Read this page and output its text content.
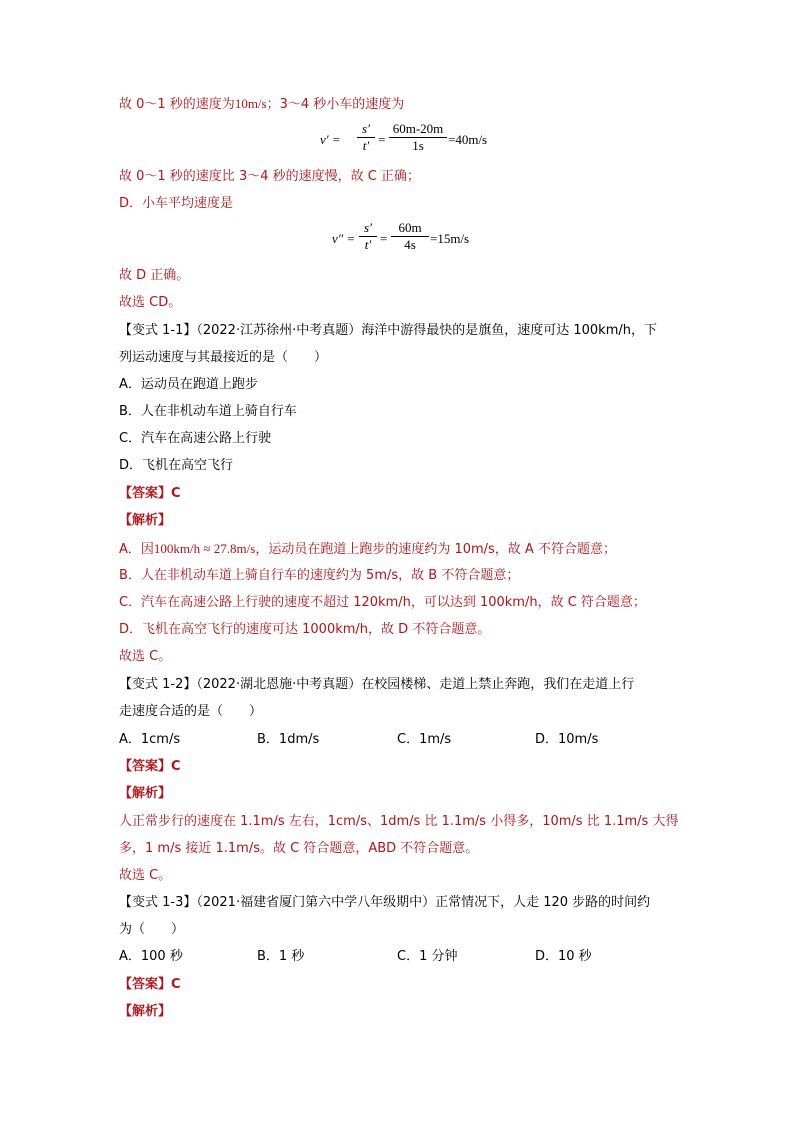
故 0～1 秒的速度为10m/s；3～4 秒小车的速度为
v′ =
s′
t′ =
60m-20m
1s	=40m/s
故 0～1 秒的速度比 3～4 秒的速度慢，故 C 正确；
D．小车平均速度是
v″ =
s′
t′ =
60m
4s	=15m/s
故 D 正确。
故选 CD。
【变式 1-1】（2022·江苏徐州·中考真题）海洋中游得最快的是旗鱼，速度可达 100km/h，下
列运动速度与其最接近的是（　　）
A．运动员在跑道上跑步
B．人在非机动车道上骑自行车
C．汽车在高速公路上行驶
D．飞机在高空飞行
【答案】C
【解析】
A．因100km/h ≈ 27.8m/s，运动员在跑道上跑步的速度约为 10m/s，故 A 不符合题意；
B．人在非机动车道上骑自行车的速度约为 5m/s，故 B 不符合题意；
C．汽车在高速公路上行驶的速度不超过 120km/h，可以达到 100km/h，故 C 符合题意；
D．飞机在高空飞行的速度可达 1000km/h，故 D 不符合题意。
故选 C。
【变式 1-2】（2022·湖北恩施·中考真题）在校园楼梯、走道上禁止奔跑，我们在走道上行
走速度合适的是（　　）
A．1cm/s	B．1dm/s	C．1m/s	D．10m/s
【答案】C
【解析】
人正常步行的速度在 1.1m/s 左右，1cm/s、1dm/s 比 1.1m/s 小得多，10m/s 比 1.1m/s 大得
多，1 m/s 接近 1.1m/s。故 C 符合题意，ABD 不符合题意。
故选 C。
【变式 1-3】（2021·福建省厦门第六中学八年级期中）正常情况下，人走 120 步路的时间约
为（　　）
A．100 秒	B．1 秒	C．1 分钟	D．10 秒
【答案】C
【解析】
